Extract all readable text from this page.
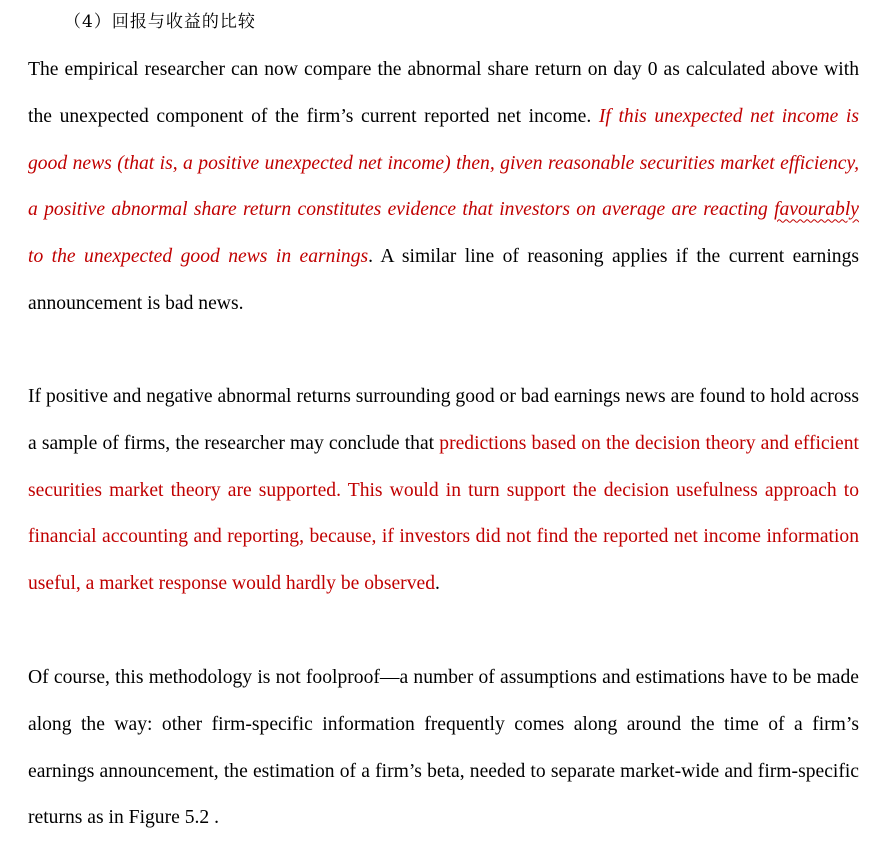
（4）回报与收益的比较

The empirical researcher can now compare the abnormal share return on day 0 as calculated above with the unexpected component of the firm’s current reported net income. If this unexpected net income is good news (that is, a positive unexpected net income) then, given reasonable securities market efficiency, a positive abnormal share return constitutes evidence that investors on average are reacting favourably to the unexpected good news in earnings. A similar line of reasoning applies if the current earnings announcement is bad news.

If positive and negative abnormal returns surrounding good or bad earnings news are found to hold across a sample of firms, the researcher may conclude that predictions based on the decision theory and efficient securities market theory are supported. This would in turn support the decision usefulness approach to financial accounting and reporting, because, if investors did not find the reported net income information useful, a market response would hardly be observed.

Of course, this methodology is not foolproof—a number of assumptions and estimations have to be made along the way: other firm-specific information frequently comes along around the time of a firm’s earnings announcement, the estimation of a firm’s beta, needed to separate market-wide and firm-specific returns as in Figure 5.2 .
